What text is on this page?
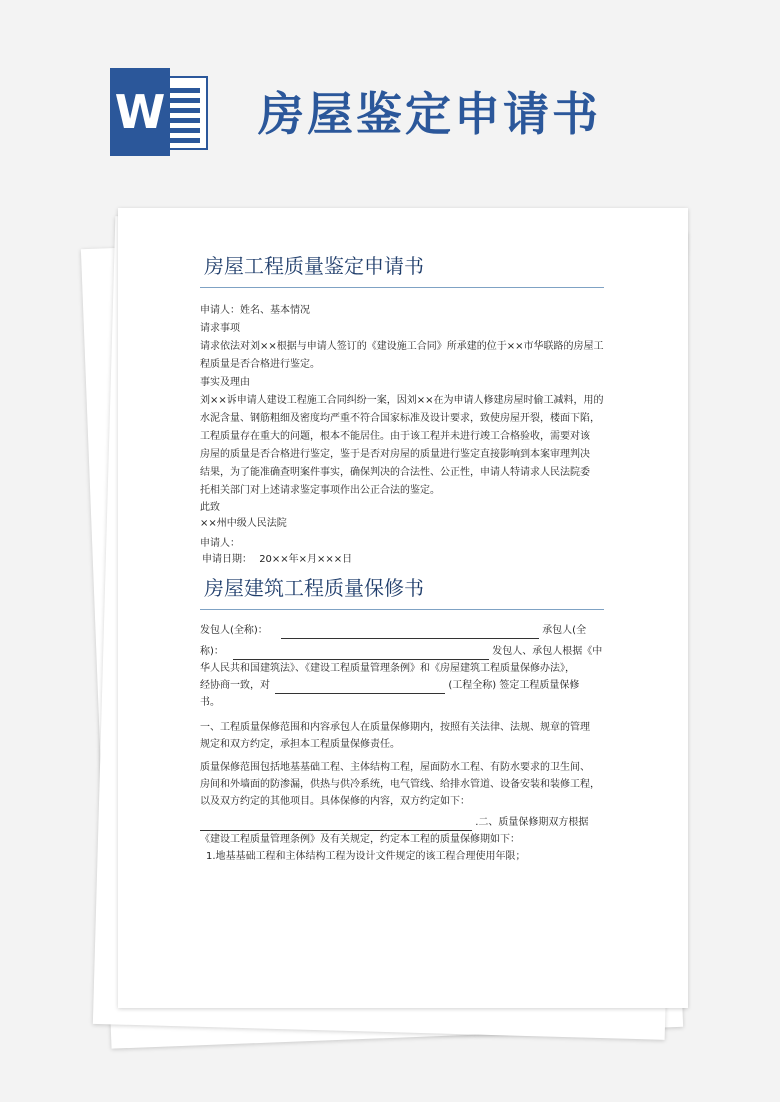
W 房屋鉴定申请书
房屋工程质量鉴定申请书
申请人：姓名、基本情况
请求事项
请求依法对刘××根据与申请人签订的《建设施工合同》所承建的位于××市华联路的房屋工
程质量是否合格进行鉴定。
事实及理由
刘××诉申请人建设工程施工合同纠纷一案，因刘××在为申请人修建房屋时偷工减料，用的
水泥含量、钢筋粗细及密度均严重不符合国家标准及设计要求，致使房屋开裂，楼面下陷，
工程质量存在重大的问题，根本不能居住。由于该工程并未进行竣工合格验收，需要对该
房屋的质量是否合格进行鉴定，鉴于是否对房屋的质量进行鉴定直接影响到本案审理判决
结果，为了能准确查明案件事实，确保判决的合法性、公正性，申请人特请求人民法院委
托相关部门对上述请求鉴定事项作出公正合法的鉴定。
此致
××州中级人民法院
申请人：
申请日期： 20××年×月×××日
房屋建筑工程质量保修书
发包人(全称)：	承包人(全
称)：	发包人、承包人根据《中
华人民共和国建筑法》、《建设工程质量管理条例》和《房屋建筑工程质量保修办法》，
经协商一致，对	(工程全称) 签定工程质量保修
书。
一、工程质量保修范围和内容承包人在质量保修期内，按照有关法律、法规、规章的管理
规定和双方约定，承担本工程质量保修责任。
质量保修范围包括地基基础工程、主体结构工程，屋面防水工程、有防水要求的卫生间、
房间和外墙面的防渗漏，供热与供冷系统，电气管线、给排水管道、设备安装和装修工程，
以及双方约定的其他项目。具体保修的内容，双方约定如下：
.二、质量保修期双方根据
《建设工程质量管理条例》及有关规定，约定本工程的质量保修期如下：
1.地基基础工程和主体结构工程为设计文件规定的该工程合理使用年限；
